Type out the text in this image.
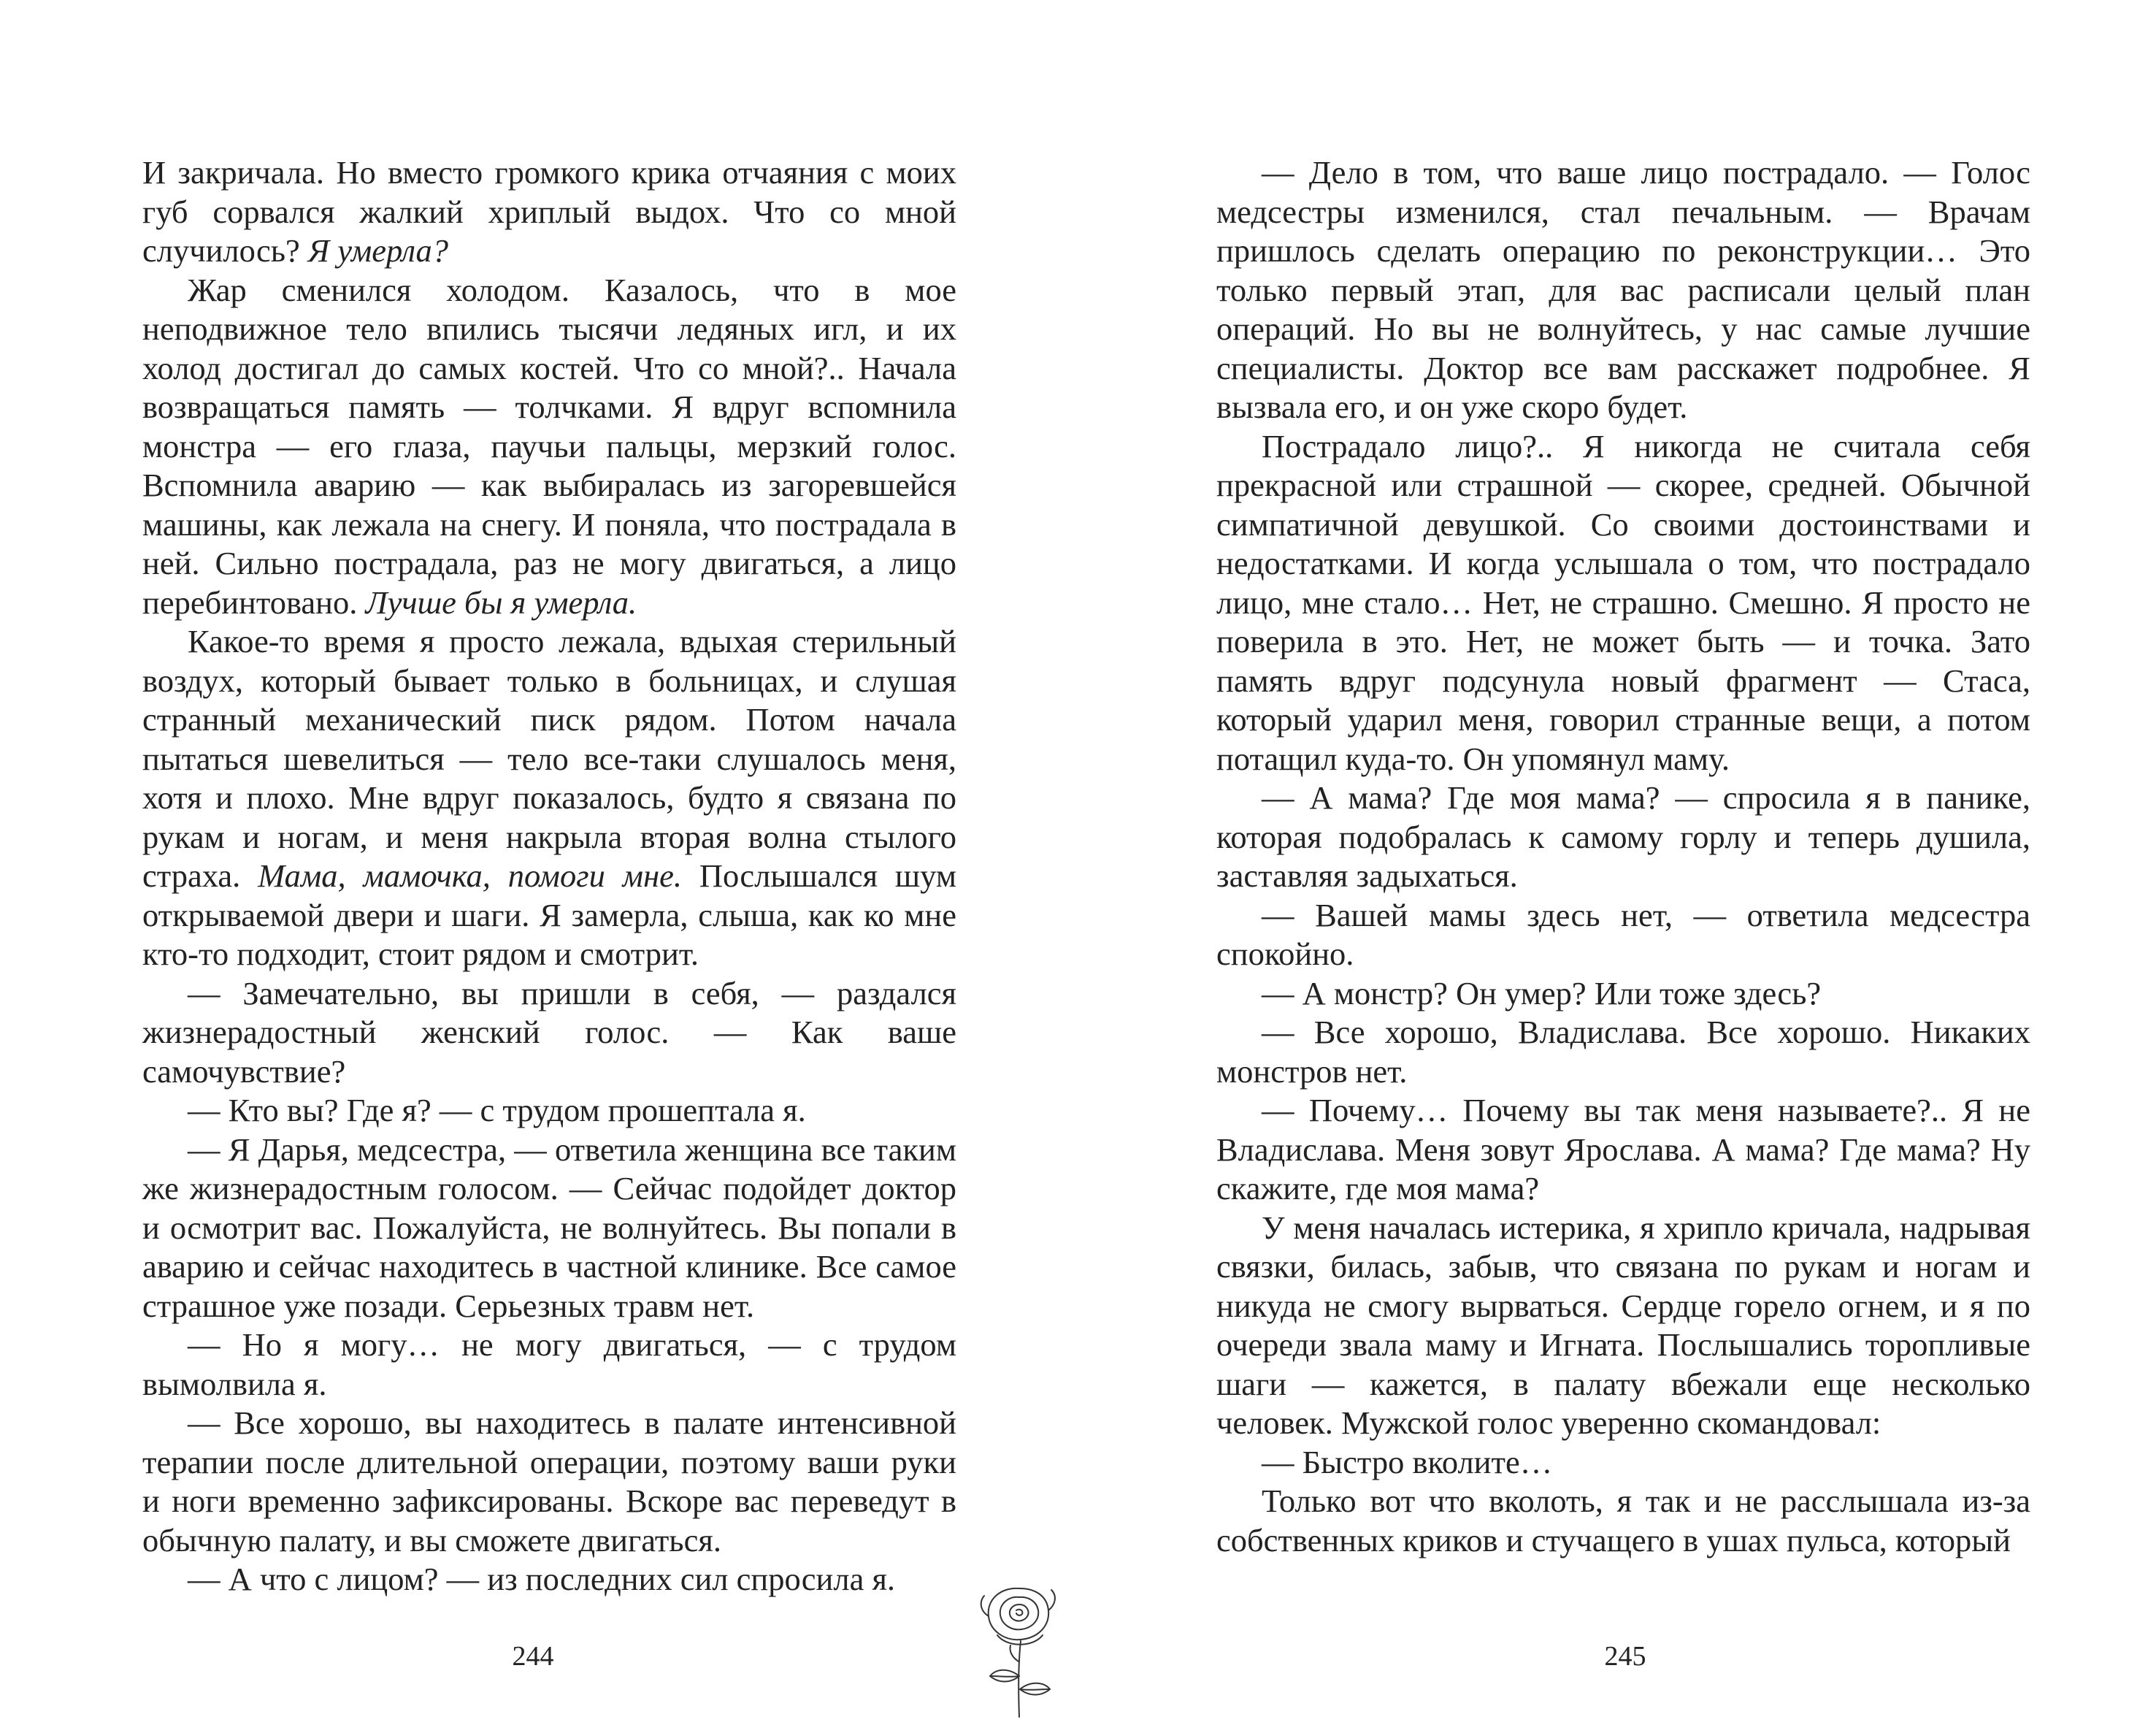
И закричала. Но вместо громкого крика отчаяния с моих губ сорвался жалкий хриплый выдох. Что со мной случилось? Я умерла?

Жар сменился холодом. Казалось, что в мое неподвижное тело впились тысячи ледяных игл, и их холод достигал до самых костей. Что со мной?.. Начала возвращаться память — толчками. Я вдруг вспомнила монстра — его глаза, паучьи пальцы, мерзкий голос. Вспомнила аварию — как выбиралась из загоревшейся машины, как лежала на снегу. И поняла, что пострадала в ней. Сильно пострадала, раз не могу двигаться, а лицо перебинтовано. Лучше бы я умерла.

Какое-то время я просто лежала, вдыхая стерильный воздух, который бывает только в больницах, и слушая странный механический писк рядом. Потом начала пытаться шевелиться — тело все-таки слушалось меня, хотя и плохо. Мне вдруг показалось, будто я связана по рукам и ногам, и меня накрыла вторая волна стылого страха. Мама, мамочка, помоги мне. Послышался шум открываемой двери и шаги. Я замерла, слыша, как ко мне кто-то подходит, стоит рядом и смотрит.

— Замечательно, вы пришли в себя, — раздался жизнерадостный женский голос. — Как ваше самочувствие?

— Кто вы? Где я? — с трудом прошептала я.

— Я Дарья, медсестра, — ответила женщина все таким же жизнерадостным голосом. — Сейчас подойдет доктор и осмотрит вас. Пожалуйста, не волнуйтесь. Вы попали в аварию и сейчас находитесь в частной клинике. Все самое страшное уже позади. Серьезных травм нет.

— Но я могу… не могу двигаться, — с трудом вымолвила я.

— Все хорошо, вы находитесь в палате интенсивной терапии после длительной операции, поэтому ваши руки и ноги временно зафиксированы. Вскоре вас переведут в обычную палату, и вы сможете двигаться.

— А что с лицом? — из последних сил спросила я.

244

— Дело в том, что ваше лицо пострадало. — Голос медсестры изменился, стал печальным. — Врачам пришлось сделать операцию по реконструкции… Это только первый этап, для вас расписали целый план операций. Но вы не волнуйтесь, у нас самые лучшие специалисты. Доктор все вам расскажет подробнее. Я вызвала его, и он уже скоро будет.

Пострадало лицо?.. Я никогда не считала себя прекрасной или страшной — скорее, средней. Обычной симпатичной девушкой. Со своими достоинствами и недостатками. И когда услышала о том, что пострадало лицо, мне стало… Нет, не страшно. Смешно. Я просто не поверила в это. Нет, не может быть — и точка. Зато память вдруг подсунула новый фрагмент — Стаса, который ударил меня, говорил странные вещи, а потом потащил куда-то. Он упомянул маму.

— А мама? Где моя мама? — спросила я в панике, которая подобралась к самому горлу и теперь душила, заставляя задыхаться.

— Вашей мамы здесь нет, — ответила медсестра спокойно.

— А монстр? Он умер? Или тоже здесь?

— Все хорошо, Владислава. Все хорошо. Никаких монстров нет.

— Почему… Почему вы так меня называете?.. Я не Владислава. Меня зовут Ярослава. А мама? Где мама? Ну скажите, где моя мама?

У меня началась истерика, я хрипло кричала, надрывая связки, билась, забыв, что связана по рукам и ногам и никуда не смогу вырваться. Сердце горело огнем, и я по очереди звала маму и Игната. Послышались торопливые шаги — кажется, в палату вбежали еще несколько человек. Мужской голос уверенно скомандовал:

— Быстро вколите…

Только вот что вколоть, я так и не расслышала из-за собственных криков и стучащего в ушах пульса, который

245
